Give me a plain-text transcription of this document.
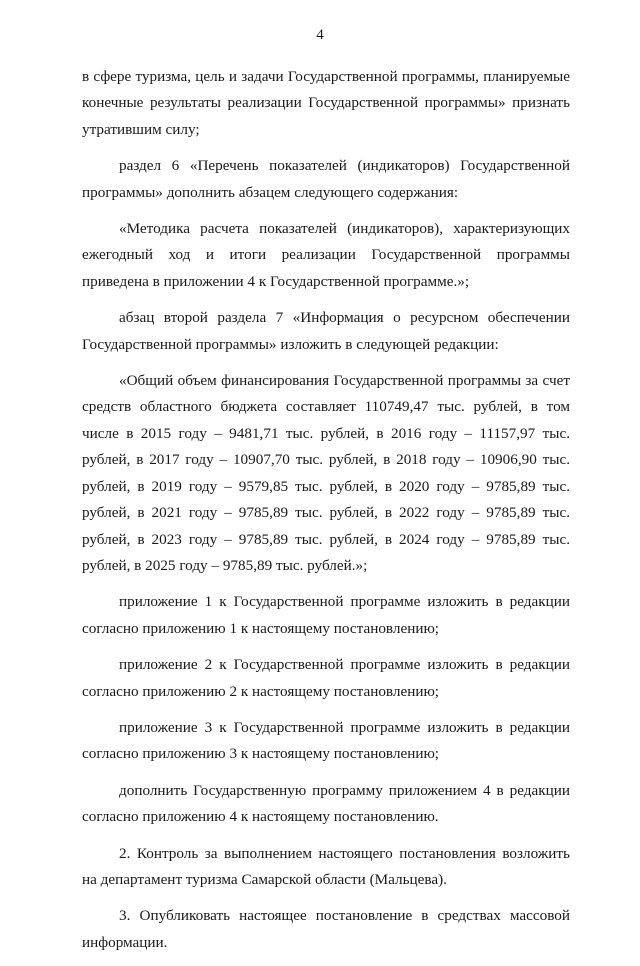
4

в сфере туризма, цель и задачи Государственной программы, планируемые конечные результаты реализации Государственной программы» признать утратившим силу;

раздел 6 «Перечень показателей (индикаторов) Государственной программы» дополнить абзацем следующего содержания:

«Методика расчета показателей (индикаторов), характеризующих ежегодный ход и итоги реализации Государственной программы приведена в приложении 4 к Государственной программе.»;

абзац второй раздела 7 «Информация о ресурсном обеспечении Государственной программы» изложить в следующей редакции:

«Общий объем финансирования Государственной программы за счет средств областного бюджета составляет 110749,47 тыс. рублей, в том числе в 2015 году – 9481,71 тыс. рублей, в 2016 году – 11157,97 тыс. рублей, в 2017 году – 10907,70 тыс. рублей, в 2018 году – 10906,90 тыс. рублей, в 2019 году – 9579,85 тыс. рублей, в 2020 году – 9785,89 тыс. рублей, в 2021 году – 9785,89 тыс. рублей, в 2022 году – 9785,89 тыс. рублей, в 2023 году – 9785,89 тыс. рублей, в 2024 году – 9785,89 тыс. рублей, в 2025 году – 9785,89 тыс. рублей.»;

приложение 1 к Государственной программе изложить в редакции согласно приложению 1 к настоящему постановлению;

приложение 2 к Государственной программе изложить в редакции согласно приложению 2 к настоящему постановлению;

приложение 3 к Государственной программе изложить в редакции согласно приложению 3 к настоящему постановлению;

дополнить Государственную программу приложением 4 в редакции согласно приложению 4 к настоящему постановлению.

2. Контроль за выполнением настоящего постановления возложить на департамент туризма Самарской области (Мальцева).

3. Опубликовать настоящее постановление в средствах массовой информации.
